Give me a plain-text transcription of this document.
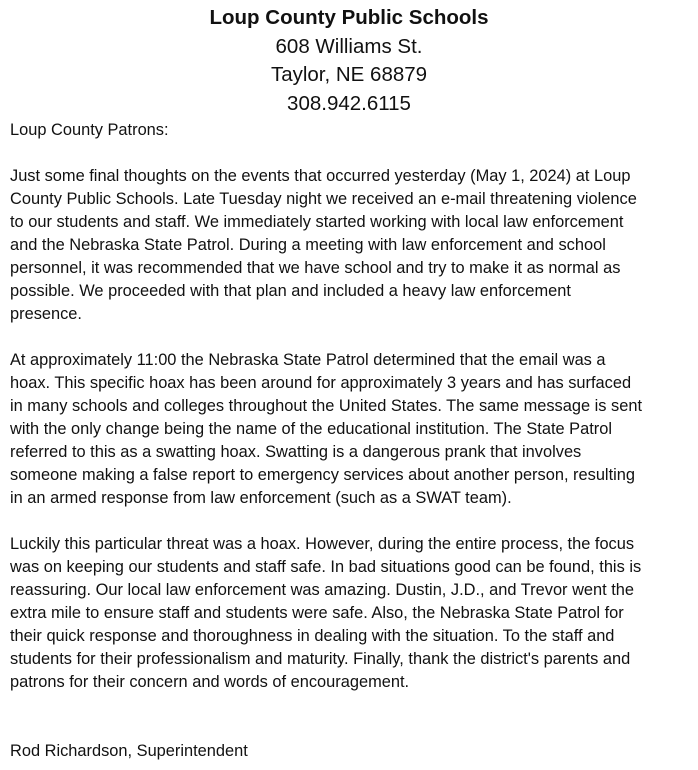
Loup County Public Schools
608 Williams St.
Taylor, NE 68879
308.942.6115

Loup County Patrons:

Just some final thoughts on the events that occurred yesterday (May 1, 2024) at Loup
County Public Schools. Late Tuesday night we received an e-mail threatening violence
to our students and staff. We immediately started working with local law enforcement
and the Nebraska State Patrol. During a meeting with law enforcement and school
personnel, it was recommended that we have school and try to make it as normal as
possible. We proceeded with that plan and included a heavy law enforcement
presence.

At approximately 11:00 the Nebraska State Patrol determined that the email was a
hoax. This specific hoax has been around for approximately 3 years and has surfaced
in many schools and colleges throughout the United States. The same message is sent
with the only change being the name of the educational institution. The State Patrol
referred to this as a swatting hoax. Swatting is a dangerous prank that involves
someone making a false report to emergency services about another person, resulting
in an armed response from law enforcement (such as a SWAT team).

Luckily this particular threat was a hoax. However, during the entire process, the focus
was on keeping our students and staff safe. In bad situations good can be found, this is
reassuring. Our local law enforcement was amazing. Dustin, J.D., and Trevor went the
extra mile to ensure staff and students were safe. Also, the Nebraska State Patrol for
their quick response and thoroughness in dealing with the situation. To the staff and
students for their professionalism and maturity. Finally, thank the district's parents and
patrons for their concern and words of encouragement.

Rod Richardson, Superintendent
